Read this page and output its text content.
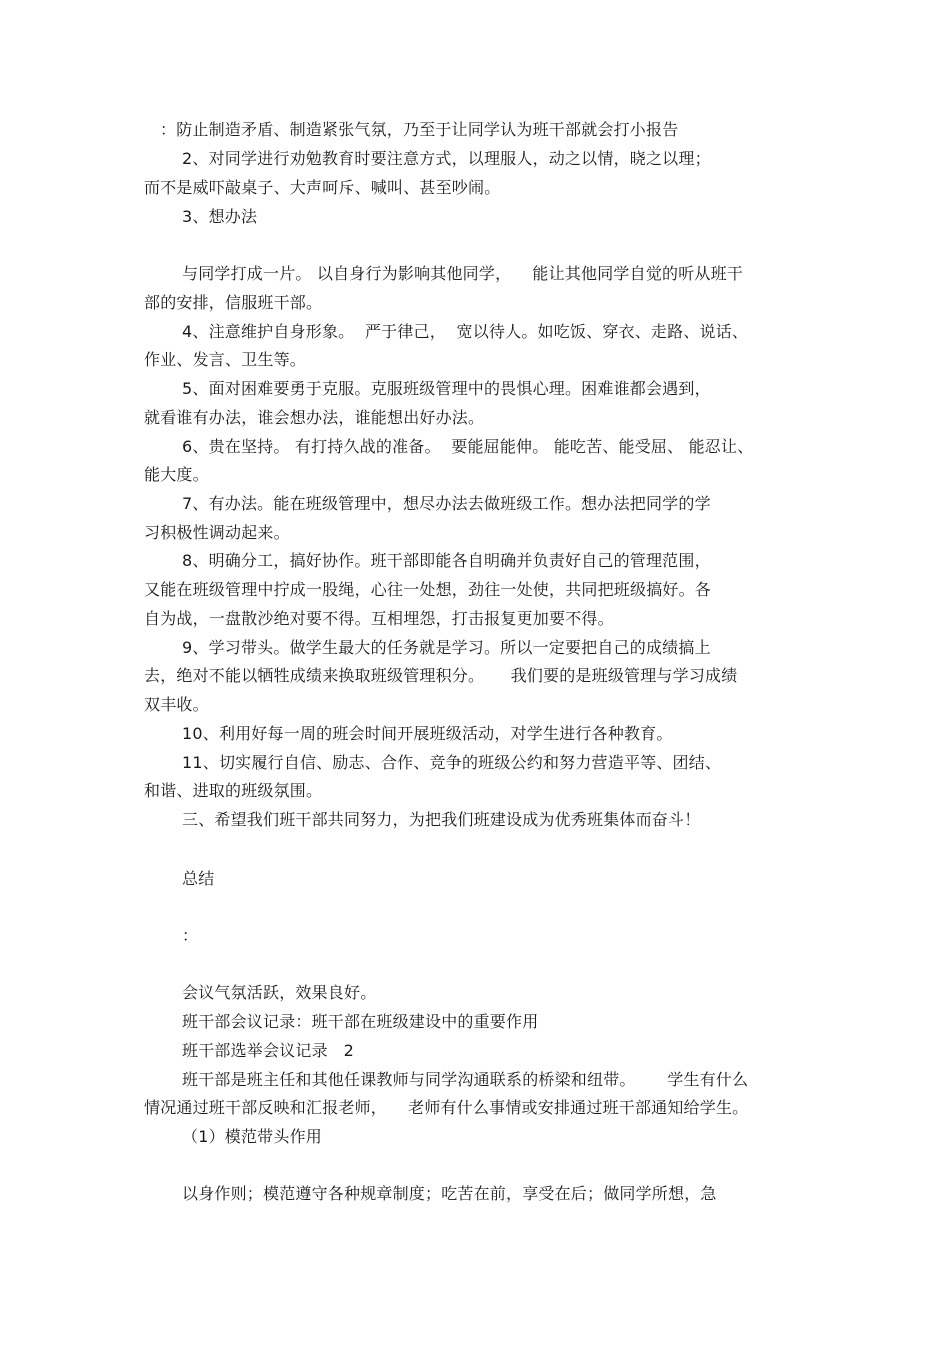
：防止制造矛盾、制造紧张气氛，乃至于让同学认为班干部就会打小报告
2、对同学进行劝勉教育时要注意方式，以理服人，动之以情，晓之以理；
而不是威吓敲桌子、大声呵斥、喊叫、甚至吵闹。
3、想办法
与同学打成一片。 以自身行为影响其他同学，    能让其他同学自觉的听从班干
部的安排，信服班干部。
4、注意维护自身形象。  严于律己，  宽以待人。如吃饭、穿衣、走路、说话、
作业、发言、卫生等。
5、面对困难要勇于克服。克服班级管理中的畏惧心理。困难谁都会遇到，
就看谁有办法，谁会想办法，谁能想出好办法。
6、贵在坚持。 有打持久战的准备。  要能屈能伸。 能吃苦、能受屈、 能忍让、
能大度。
7、有办法。能在班级管理中，想尽办法去做班级工作。想办法把同学的学
习积极性调动起来。
8、明确分工，搞好协作。班干部即能各自明确并负责好自己的管理范围，
又能在班级管理中拧成一股绳，心往一处想，劲往一处使，共同把班级搞好。各
自为战，一盘散沙绝对要不得。互相埋怨，打击报复更加要不得。
9、学习带头。做学生最大的任务就是学习。所以一定要把自己的成绩搞上
去，绝对不能以牺牲成绩来换取班级管理积分。     我们要的是班级管理与学习成绩
双丰收。
10、利用好每一周的班会时间开展班级活动，对学生进行各种教育。
11、切实履行自信、励志、合作、竞争的班级公约和努力营造平等、团结、
和谐、进取的班级氛围。
三、希望我们班干部共同努力，为把我们班建设成为优秀班集体而奋斗！
总结
：
会议气氛活跃，效果良好。
班干部会议记录：班干部在班级建设中的重要作用
班干部选举会议记录   2
班干部是班主任和其他任课教师与同学沟通联系的桥梁和纽带。      学生有什么
情况通过班干部反映和汇报老师，    老师有什么事情或安排通过班干部通知给学生。
（1）模范带头作用
以身作则；模范遵守各种规章制度；吃苦在前，享受在后；做同学所想，急
